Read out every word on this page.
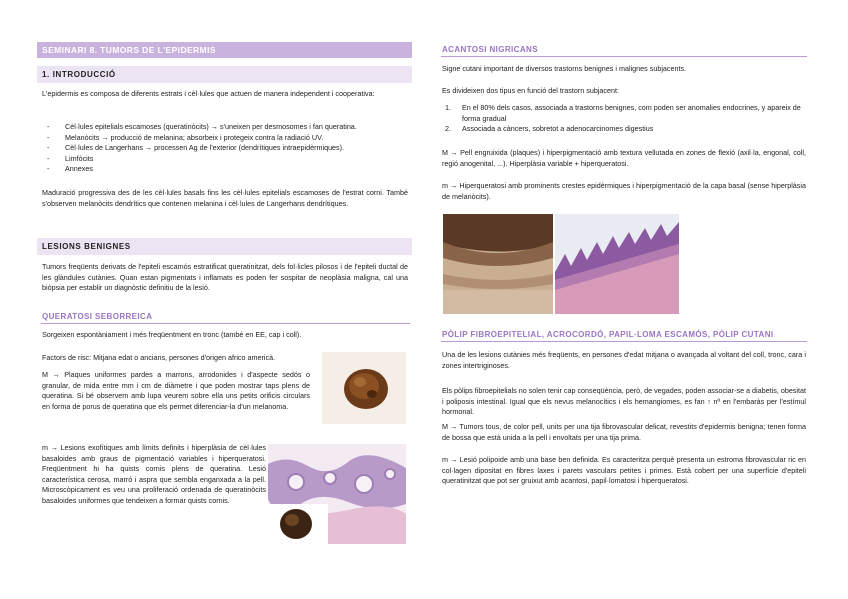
SEMINARI 8. TUMORS DE L'EPIDERMIS
1. INTRODUCCIÓ

L'epidermis es composa de diferents estrats i cèl·lules que actuen de manera independent i cooperativa:

- Cèl·lules epitelials escamoses (queratinòcits) → s'uneixen per desmosomes i fan queratina.
- Melanòcits → producció de melanina; absorbeix i protegeix contra la radiació UV.
- Cèl·lules de Langerhans → processen Ag de l'exterior (dendrítiques intraepidèrmiques).
- Limfòcits
- Annexes

Maduració progressiva des de les cèl·lules basals fins les cèl·lules epitelials escamoses de l'estrat corni. També s'observen melanòcits dendrítics que contenen melanina i cèl·lules de Langerhans dendrítiques.

LESIONS BENIGNES

Tumors freqüents derivats de l'epiteli escamós estratificat queratinitzat, dels fol·licles pilosos i de l'epiteli ductal de les glàndules cutànies. Quan estan pigmentats i inflamats es poden fer sospitar de neoplàsia maligna, cal una biòpsia per establir un diagnòstic definitiu de la lesió.

QUERATOSI SEBORREICA

Sorgeixen espontàniament i més freqüentment en tronc (també en EE, cap i coll).

Factors de risc: Mitjana edat o ancians, persones d'origen africo americà.

M → Plaques uniformes pardes a marrons, arrodonides i d'aspecte sedós o granular, de mida entre mm i cm de diàmetre i que poden mostrar taps plens de queratina. Si bé observem amb lupa veurem sobre ella uns petits orificis circulars en forma de porus de queratina que els permet diferenciar-la d'un melanoma.

m → Lesions exofítiques amb límits definits i hiperplàsia de cèl·lules basaloides amb graus de pigmentació variables i hiperqueratosi. Freqüentment hi ha quists cornis plens de queratina. Lesió característica cerosa, marró i aspra que sembla enganxada a la pell. Microscòpicament es veu una proliferació ordenada de queratinòcits basaloides uniformes que tendeixen a formar quists cornis.

ACANTOSI NIGRICANS

Signe cutani important de diversos trastorns benignes i malignes subjacents.

Es divideixen dos tipus en funció del trastorn subjacent:

1. En el 80% dels casos, associada a trastorns benignes, com poden ser anomalies endocrines, y apareix de forma gradual
2. Associada a càncers, sobretot a adenocarcinomes digestius

M → Pell engruixida (plaques) i hiperpigmentació amb textura vellutada en zones de flexió (axil·la, engonal, coll, regió anogenital, ...). Hiperplàsia variable + hiperqueratosi.

m → Hiperqueratosi amb prominents crestes epidèrmiques i hiperpigmentació de la capa basal (sense hiperplàsia de melanòcits).

PÒLIP FIBROEPITELIAL, ACROCORDÓ, PAPIL·LOMA ESCAMÓS, PÒLIP CUTANI

Una de les lesions cutànies més freqüents, en persones d'edat mitjana o avançada al voltant del coll, tronc, cara i zones intertriginoses.

Els pòlips fibroepitelials no solen tenir cap conseqüència, però, de vegades, poden associar-se a diabetis, obesitat i poliposis intestinal. Igual que els nevus melanocítics i els hemangiomes, es fan ↑ nº en l'embaràs per l'estímul hormonal.

M → Tumors tous, de color pell, units per una tija fibrovascular delicat, revestits d'epidermis benigna; tenen forma de bossa que està unida a la pell i envoltats per una tija prima.

m → Lesió polipoide amb una base ben definida. Es caracteritza perquè presenta un estroma fibrovascular ric en col·lagen dipositat en fibres laxes i parets vasculars petites i primes. Està cobert per una superfície d'epiteli queratinitzat que pot ser gruixut amb acantosi, papil·lomatosi i hiperqueratosi.
